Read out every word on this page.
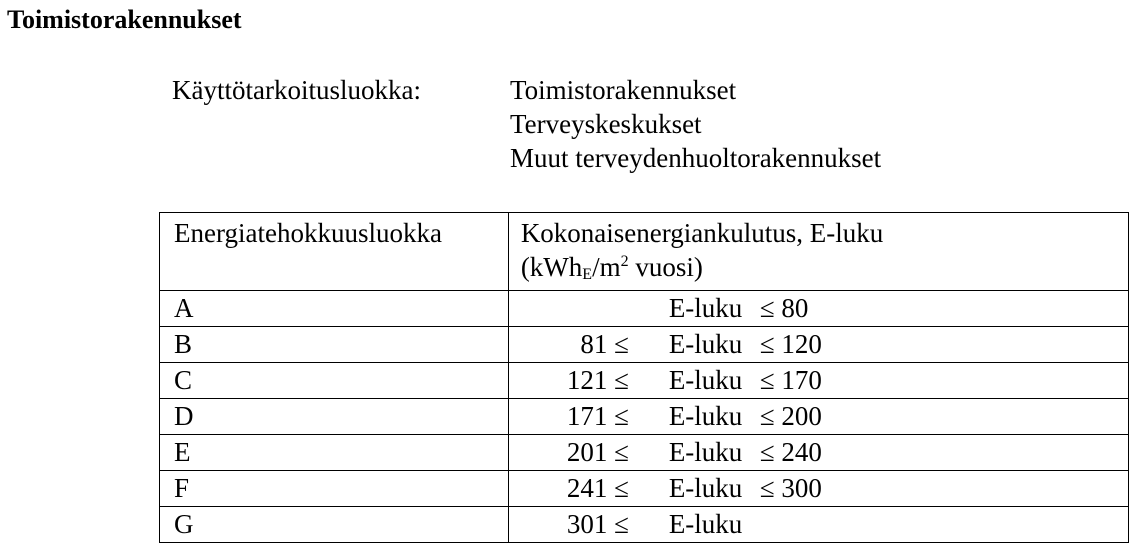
Toimistorakennukset
Käyttötarkoitusluokka:	Toimistorakennukset
Terveyskeskukset
Muut terveydenhuoltorakennukset
Energiatehokkuusluokka	Kokonaisenergiankulutus, E-luku
($kWh_E/m^2$ vuosi)

A	E-luku ≤ 80

B	81 ≤ E-luku ≤ 120

C	121 ≤ E-luku ≤ 170

D	171 ≤ E-luku ≤ 200

E	201 ≤ E-luku ≤ 240

F	241 ≤ E-luku ≤ 300

G	301 ≤ E-luku
